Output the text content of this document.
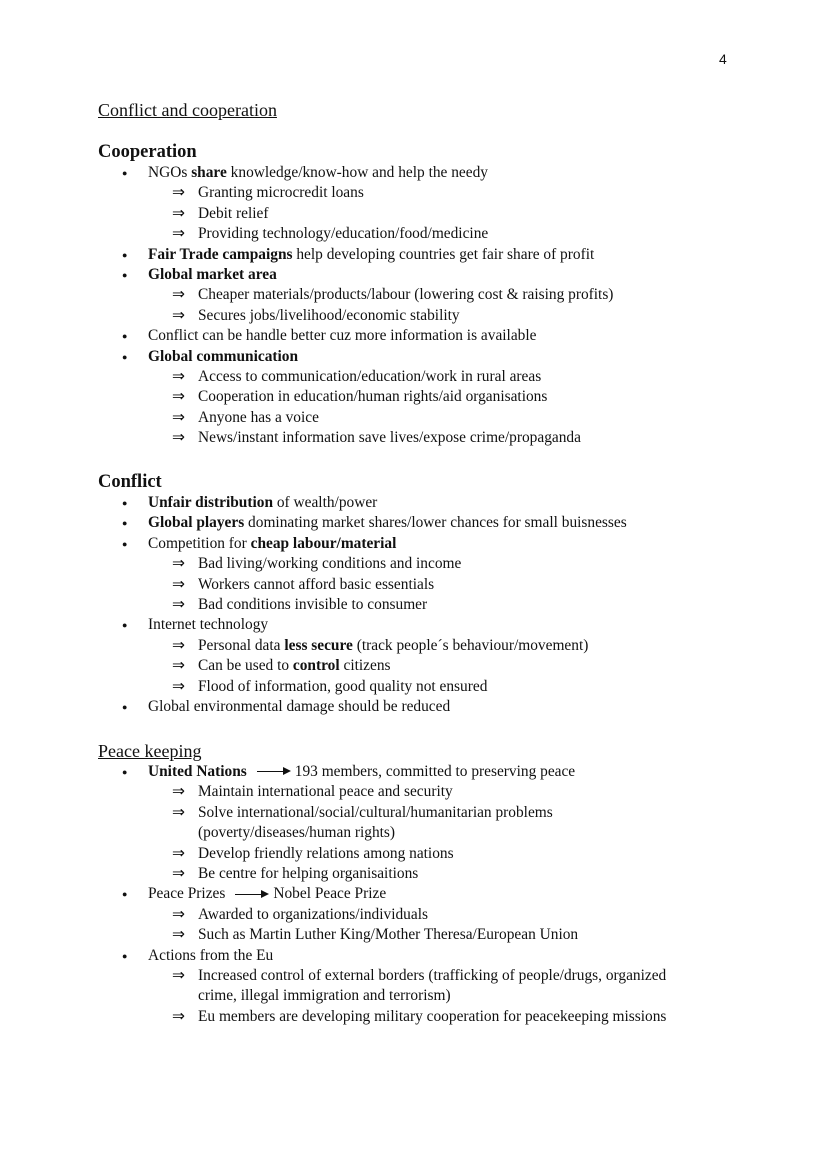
4
Conflict and cooperation
Cooperation
● NGOs share knowledge/know-how and help the needy
⇒ Granting microcredit loans
⇒ Debit relief
⇒ Providing technology/education/food/medicine
● Fair Trade campaigns help developing countries get fair share of profit
● Global market area
⇒ Cheaper materials/products/labour (lowering cost & raising profits)
⇒ Secures jobs/livelihood/economic stability
● Conflict can be handle better cuz more information is available
● Global communication
⇒ Access to communication/education/work in rural areas
⇒ Cooperation in education/human rights/aid organisations
⇒ Anyone has a voice
⇒ News/instant information save lives/expose crime/propaganda
Conflict
● Unfair distribution of wealth/power
● Global players dominating market shares/lower chances for small buisnesses
● Competition for cheap labour/material
⇒ Bad living/working conditions and income
⇒ Workers cannot afford basic essentials
⇒ Bad conditions invisible to consumer
● Internet technology
⇒ Personal data less secure (track people´s behaviour/movement)
⇒ Can be used to control citizens
⇒ Flood of information, good quality not ensured
● Global environmental damage should be reduced
Peace keeping
● United Nations	193 members, committed to preserving peace
⇒ Maintain international peace and security
⇒ Solve international/social/cultural/humanitarian problems
(poverty/diseases/human rights)
⇒ Develop friendly relations among nations
⇒ Be centre for helping organisaitions
● Peace Prizes	Nobel Peace Prize
⇒ Awarded to organizations/individuals
⇒ Such as Martin Luther King/Mother Theresa/European Union
● Actions from the Eu
⇒ Increased control of external borders (trafficking of people/drugs, organized
crime, illegal immigration and terrorism)
⇒ Eu members are developing military cooperation for peacekeeping missions
